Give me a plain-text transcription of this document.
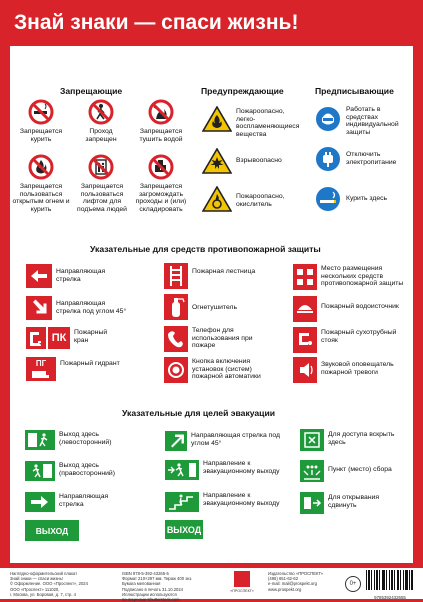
Знай знаки — спаси жизнь!
Запрещающие
Запрещается курить
Проход запрещен
Запрещается тушить водой
Запрещается пользоваться открытым огнем и курить
Запрещается пользоваться лифтом для подъема людей
Запрещается загромождать проходы и (или) складировать
Предупреждающие
Пожароопасно, легко- воспламеняющиеся вещества
Взрывоопасно
Пожароопасно, окислитель
Предписывающие
Работать в средствах индивидуальной защиты
Отключить электропитание
Курить здесь
Указательные для средств противопожарной защиты
Направляющая стрелка
Направляющая стрелка под углом 45°
ПК	Пожарный кран
ПГ	Пожарный гидрант
Пожарная лестница
Огнетушитель
Телефон для использования при пожаре
Кнопка включения установок (систем) пожарной автоматики
Место размещения нескольких средств противопожарной защиты
Пожарный водоисточник
Пожарный сухотрубный стояк
Звуковой оповещатель пожарной тревоги
Указательные для целей эвакуации
Выход здесь (левосторонний)
Выход здесь (правосторонний)
Направляющая стрелка
ВЫХОД
Направляющая стрелка под углом 45°
Направление к эвакуационному выходу
Направление к эвакуационному выходу
ВЫХОД
Для доступа вскрыть здесь
Пункт (место) сбора
Для открывания сдвинуть
Наглядно-оформительский плакат
Знай знаки — спаси жизнь!
© Оформление. ООО «Проспект», 2024
ООО «Проспект» 111020,
г. Москва, ул. Боровая, д. 7, стр. 4
ISBN 978-5-392-43265-5
Формат 210×297 мм. Тираж 400 экз.
Бумага мелованная
Подписано в печать 31.10.2024
Иллюстрации используются
по лицензии Shutterstock.com
«ПРОСПЕКТ»
Издательство «ПРОСПЕКТ»
(495) 651-62-62
e-mail: mail@prospekt.org
www.prospekt.org
0+
9785392432655
